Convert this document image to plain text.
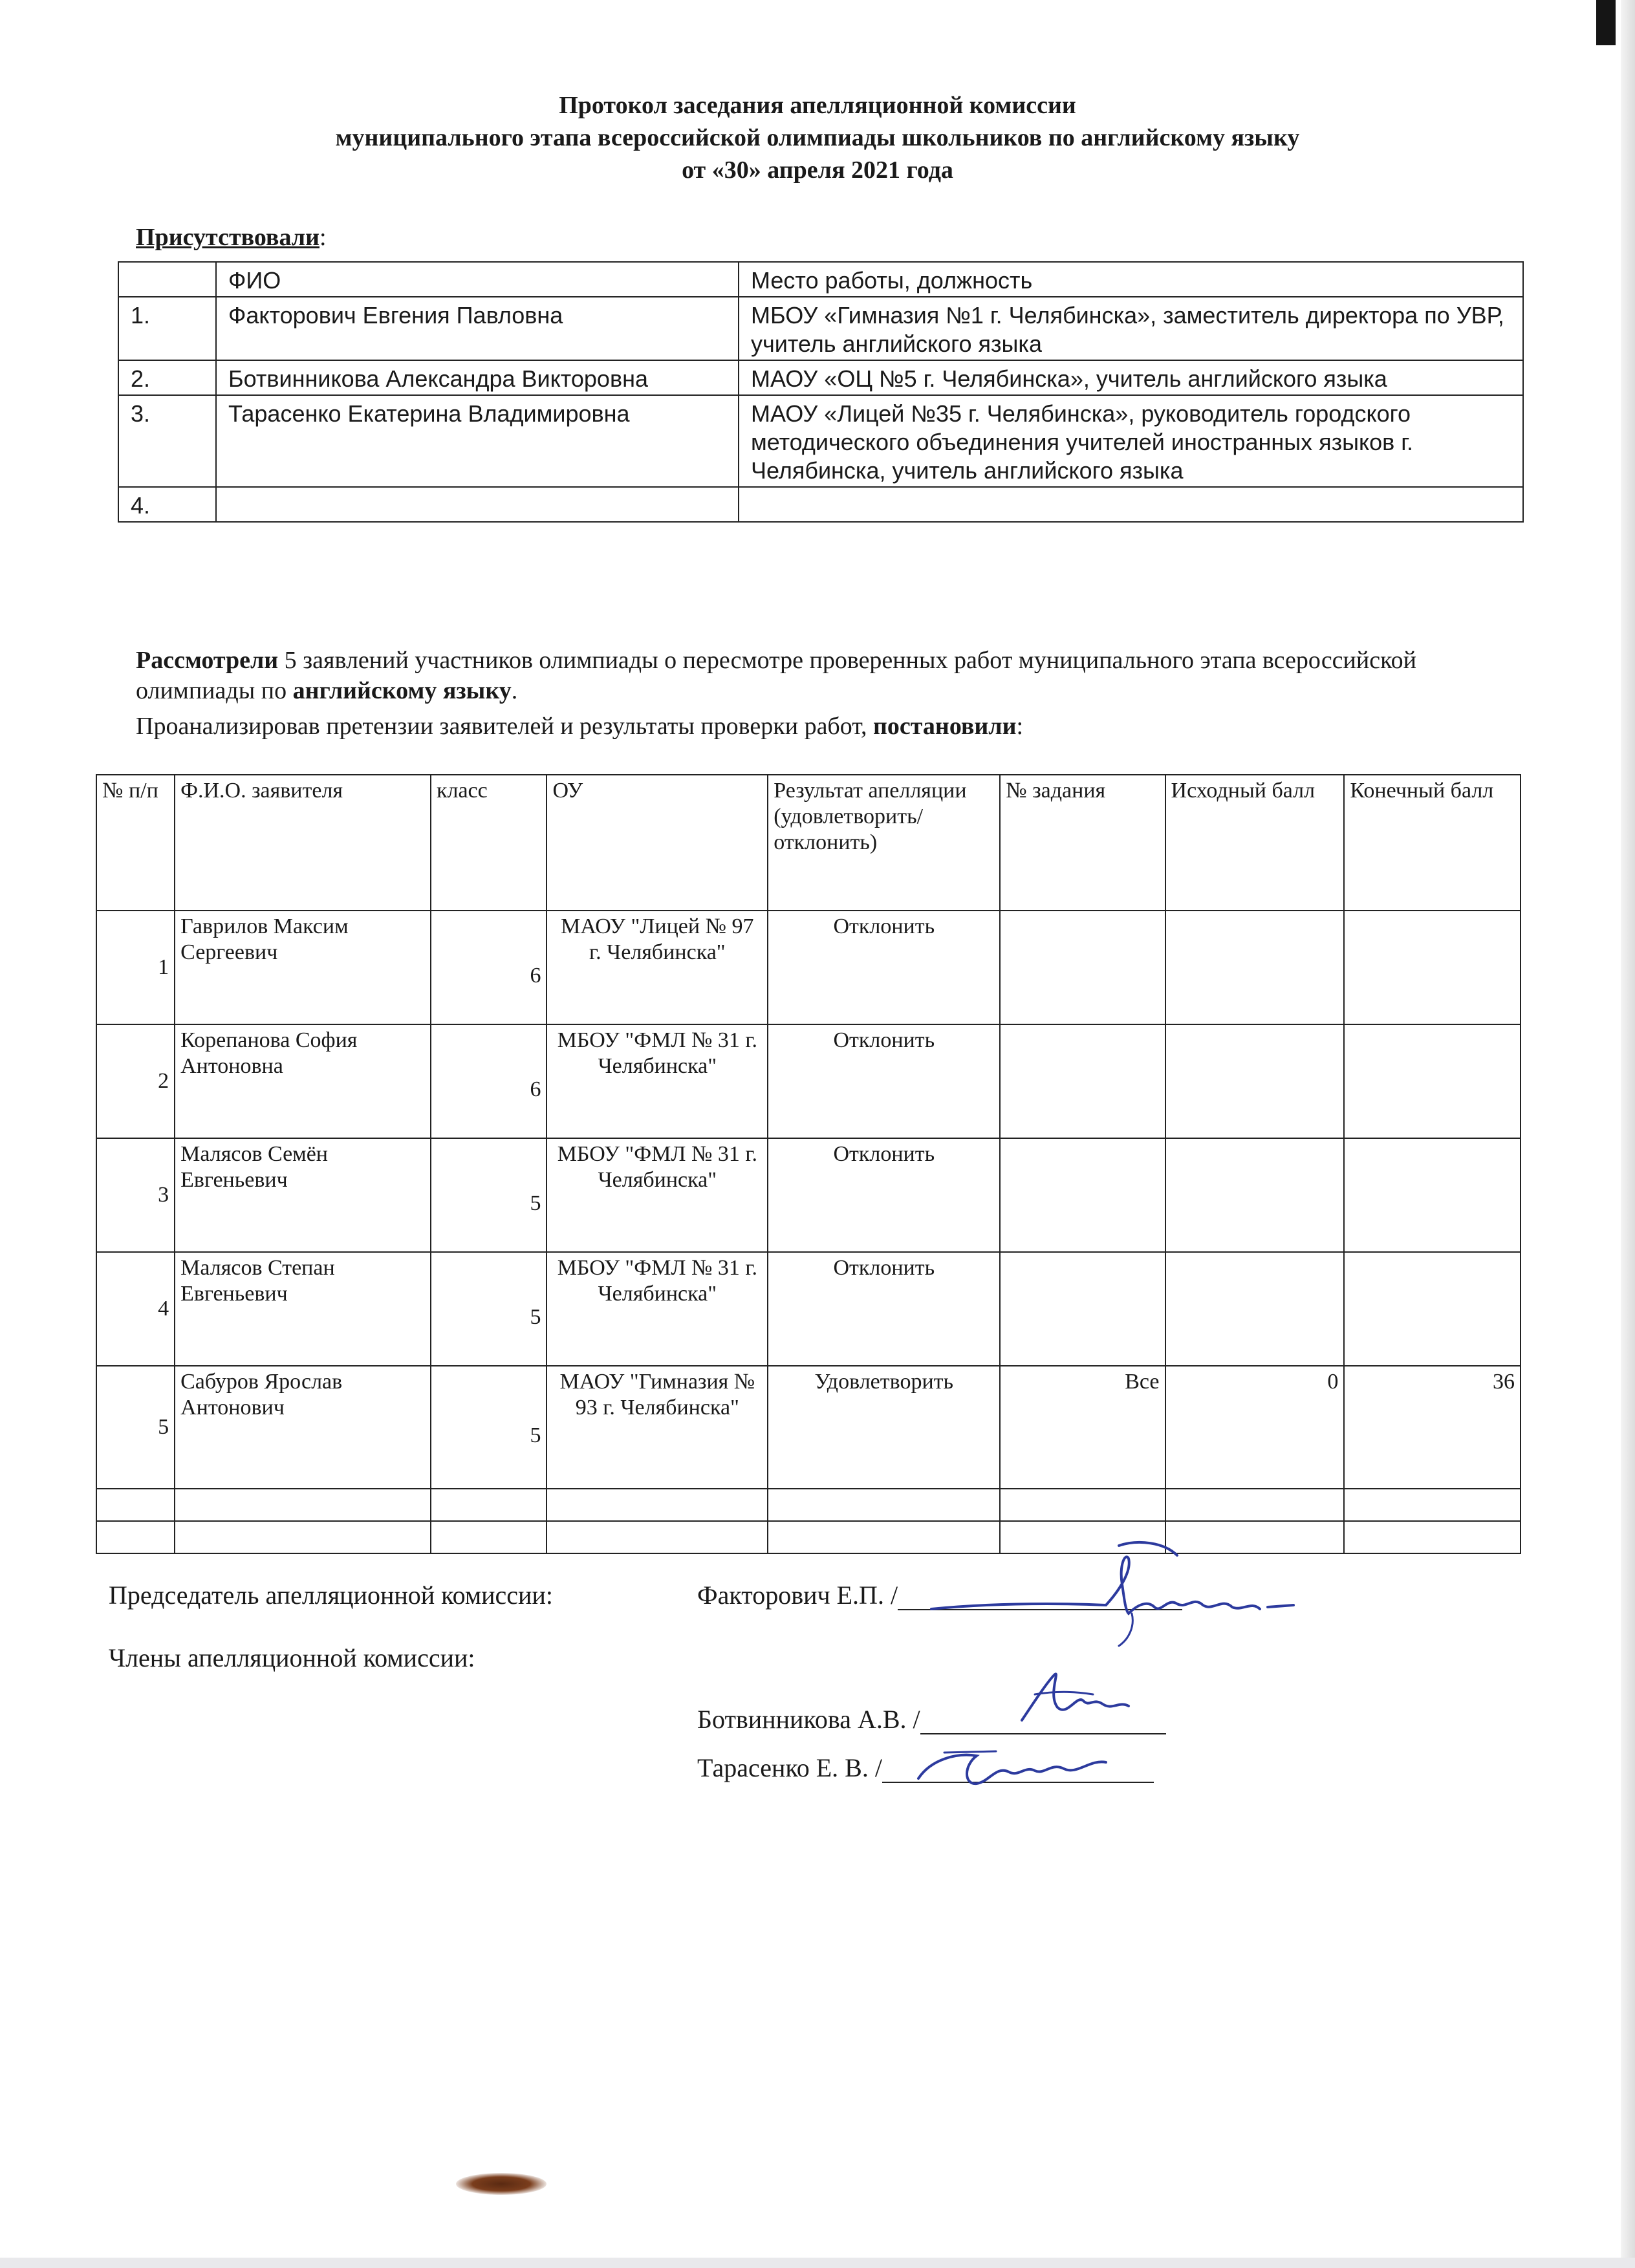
Протокол заседания апелляционной комиссии
муниципального этапа всероссийской олимпиады школьников по английскому языку
от «30» апреля 2021 года
Присутствовали:
	ФИО	Место работы, должность
1.	Факторович Евгения Павловна	МБОУ «Гимназия №1 г. Челябинска», заместитель директора по УВР, учитель английского языка
2.	Ботвинникова Александра Викторовна	МАОУ «ОЦ №5 г. Челябинска», учитель английского языка
3.	Тарасенко Екатерина Владимировна	МАОУ «Лицей №35 г. Челябинска», руководитель городского методического объединения учителей иностранных языков г. Челябинска, учитель английского языка
4.		
Рассмотрели 5 заявлений участников олимпиады о пересмотре проверенных работ муниципального этапа всероссийской олимпиады по английскому языку.
Проанализировав претензии заявителей и результаты проверки работ, постановили:
№ п/п	Ф.И.О. заявителя	класс	ОУ	Результат апелляции (удовлетворить/ отклонить)	№ задания	Исходный балл	Конечный балл
1	Гаврилов Максим Сергеевич	6	МАОУ "Лицей № 97 г. Челябинска"	Отклонить			
2	Корепанова София Антоновна	6	МБОУ "ФМЛ № 31 г. Челябинска"	Отклонить			
3	Малясов Семён Евгеньевич	5	МБОУ "ФМЛ № 31 г. Челябинска"	Отклонить			
4	Малясов Степан Евгеньевич	5	МБОУ "ФМЛ № 31 г. Челябинска"	Отклонить			
5	Сабуров Ярослав Антонович	5	МАОУ "Гимназия № 93 г. Челябинска"	Удовлетворить	Все	0	36

Председатель апелляционной комиссии:	Факторович Е.П. /
Члены апелляционной комиссии:
Ботвинникова А.В. /
Тарасенко Е. В. /
